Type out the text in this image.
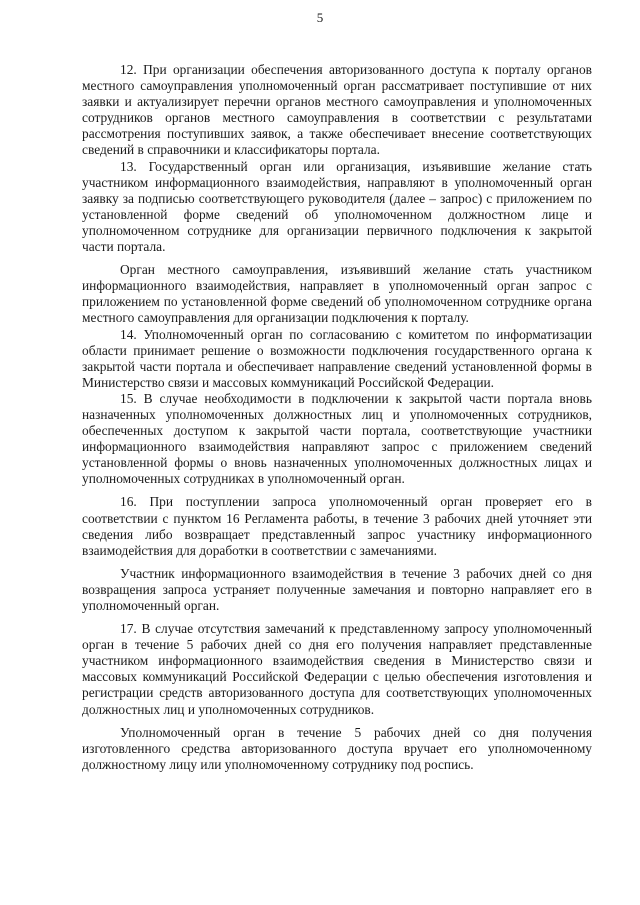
5

12. При организации обеспечения авторизованного доступа к порталу органов местного самоуправления уполномоченный орган рассматривает поступившие от них заявки и актуализирует перечни органов местного самоуправления и уполномоченных сотрудников органов местного самоуправления в соответствии с результатами рассмотрения поступивших заявок, а также обеспечивает внесение соответствующих сведений в справочники и классификаторы портала.

13. Государственный орган или организация, изъявившие желание стать участником информационного взаимодействия, направляют в уполномоченный орган заявку за подписью соответствующего руководителя (далее – запрос) с приложением по установленной форме сведений об уполномоченном должностном лице и уполномоченном сотруднике для организации первичного подключения к закрытой части портала.

Орган местного самоуправления, изъявивший желание стать участником информационного взаимодействия, направляет в уполномоченный орган запрос с приложением по установленной форме сведений об уполномоченном сотруднике органа местного самоуправления для организации подключения к порталу.

14. Уполномоченный орган по согласованию с комитетом по информатизации области принимает решение о возможности подключения государственного органа к закрытой части портала и обеспечивает направление сведений установленной формы в Министерство связи и массовых коммуникаций Российской Федерации.

15. В случае необходимости в подключении к закрытой части портала вновь назначенных уполномоченных должностных лиц и уполномоченных сотрудников, обеспеченных доступом к закрытой части портала, соответствующие участники информационного взаимодействия направляют запрос с приложением сведений установленной формы о вновь назначенных уполномоченных должностных лицах и уполномоченных сотрудниках в уполномоченный орган.

16. При поступлении запроса уполномоченный орган проверяет его в соответствии с пунктом 16 Регламента работы, в течение 3 рабочих дней уточняет эти сведения либо возвращает представленный запрос участнику информационного взаимодействия для доработки в соответствии с замечаниями.

Участник информационного взаимодействия в течение 3 рабочих дней со дня возвращения запроса устраняет полученные замечания и повторно направляет его в уполномоченный орган.

17. В случае отсутствия замечаний к представленному запросу уполномоченный орган в течение 5 рабочих дней со дня его получения направляет представленные участником информационного взаимодействия сведения в Министерство связи и массовых коммуникаций Российской Федерации с целью обеспечения изготовления и регистрации средств авторизованного доступа для соответствующих уполномоченных должностных лиц и уполномоченных сотрудников.

Уполномоченный орган в течение 5 рабочих дней со дня получения изготовленного средства авторизованного доступа вручает его уполномоченному должностному лицу или уполномоченному сотруднику под роспись.
